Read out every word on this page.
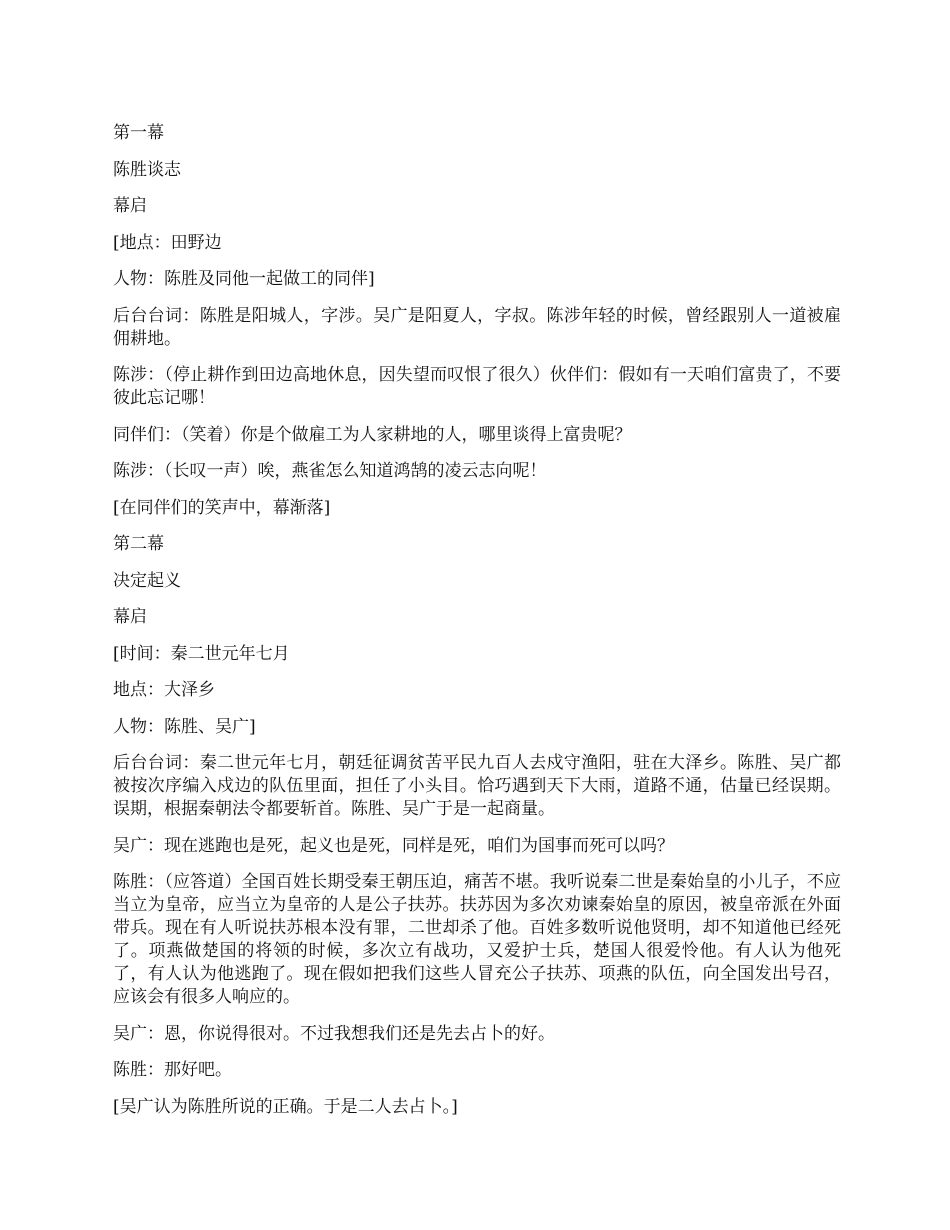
第一幕

陈胜谈志

幕启

[地点：田野边

人物：陈胜及同他一起做工的同伴]

后台台词：陈胜是阳城人，字涉。吴广是阳夏人，字叔。陈涉年轻的时候，曾经跟别人一道被雇佣耕地。

陈涉：（停止耕作到田边高地休息，因失望而叹恨了很久）伙伴们：假如有一天咱们富贵了，不要彼此忘记哪！

同伴们：（笑着）你是个做雇工为人家耕地的人，哪里谈得上富贵呢？

陈涉：（长叹一声）唉，燕雀怎么知道鸿鹄的凌云志向呢！

[在同伴们的笑声中，幕渐落]

第二幕

决定起义

幕启

[时间：秦二世元年七月

地点：大泽乡

人物：陈胜、吴广]

后台台词：秦二世元年七月，朝廷征调贫苦平民九百人去戍守渔阳，驻在大泽乡。陈胜、吴广都被按次序编入戍边的队伍里面，担任了小头目。恰巧遇到天下大雨，道路不通，估量已经误期。误期，根据秦朝法令都要斩首。陈胜、吴广于是一起商量。

吴广：现在逃跑也是死，起义也是死，同样是死，咱们为国事而死可以吗？

陈胜：（应答道）全国百姓长期受秦王朝压迫，痛苦不堪。我听说秦二世是秦始皇的小儿子，不应当立为皇帝，应当立为皇帝的人是公子扶苏。扶苏因为多次劝谏秦始皇的原因，被皇帝派在外面带兵。现在有人听说扶苏根本没有罪，二世却杀了他。百姓多数听说他贤明，却不知道他已经死了。项燕做楚国的将领的时候，多次立有战功，又爱护士兵，楚国人很爱怜他。有人认为他死了，有人认为他逃跑了。现在假如把我们这些人冒充公子扶苏、项燕的队伍，向全国发出号召，应该会有很多人响应的。

吴广：恩，你说得很对。不过我想我们还是先去占卜的好。

陈胜：那好吧。

[吴广认为陈胜所说的正确。于是二人去占卜。]
